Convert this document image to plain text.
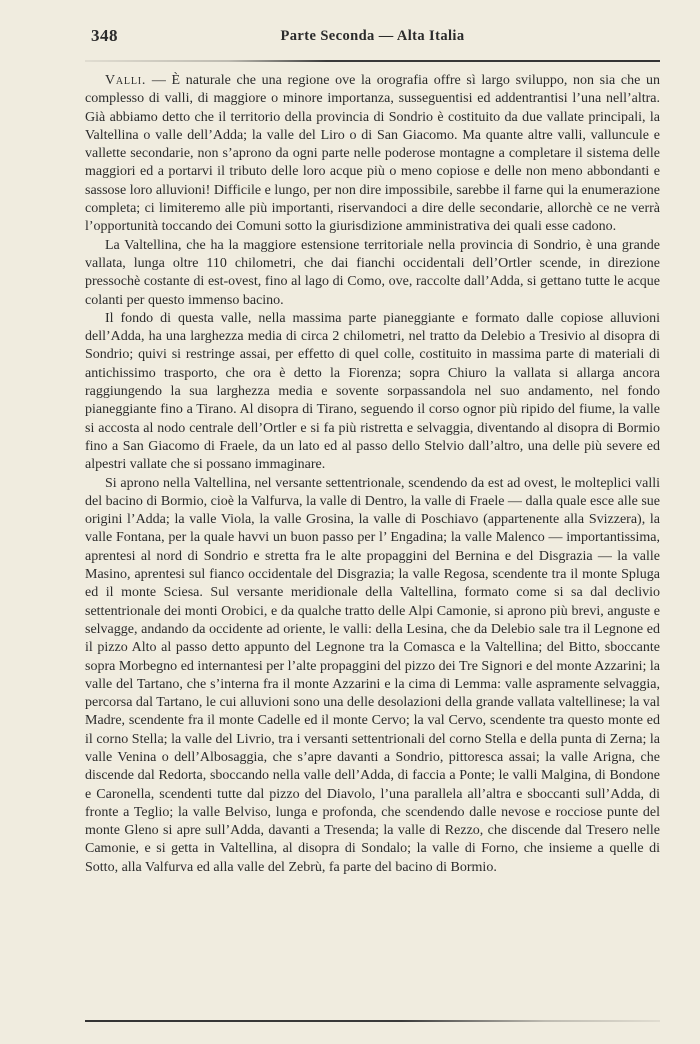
348	Parte Seconda — Alta Italia

Valli. — È naturale che una regione ove la orografia offre sì largo sviluppo, non sia che un complesso di valli, di maggiore o minore importanza, susseguentisi ed addentrantisi l’una nell’altra. Già abbiamo detto che il territorio della provincia di Sondrio è costituito da due vallate principali, la Valtellina o valle dell’Adda; la valle del Liro o di San Giacomo. Ma quante altre valli, valluncule e vallette secondarie, non s’aprono da ogni parte nelle poderose montagne a completare il sistema delle maggiori ed a portarvi il tributo delle loro acque più o meno copiose e delle non meno abbondanti e sassose loro alluvioni! Difficile e lungo, per non dire impossibile, sarebbe il farne qui la enumerazione completa; ci limiteremo alle più importanti, riservandoci a dire delle secondarie, allorchè ce ne verrà l’opportunità toccando dei Comuni sotto la giurisdizione amministrativa dei quali esse cadono.

La Valtellina, che ha la maggiore estensione territoriale nella provincia di Sondrio, è una grande vallata, lunga oltre 110 chilometri, che dai fianchi occidentali dell’Ortler scende, in direzione pressochè costante di est-ovest, fino al lago di Como, ove, raccolte dall’Adda, si gettano tutte le acque colanti per questo immenso bacino.

Il fondo di questa valle, nella massima parte pianeggiante e formato dalle copiose alluvioni dell’Adda, ha una larghezza media di circa 2 chilometri, nel tratto da Delebio a Tresivio al disopra di Sondrio; quivi si restringe assai, per effetto di quel colle, costituito in massima parte di materiali di antichissimo trasporto, che ora è detto la Fiorenza; sopra Chiuro la vallata si allarga ancora raggiungendo la sua larghezza media e sovente sorpassandola nel suo andamento, nel fondo pianeggiante fino a Tirano. Al disopra di Tirano, seguendo il corso ognor più ripido del fiume, la valle si accosta al nodo centrale dell’Ortler e si fa più ristretta e selvaggia, diventando al disopra di Bormio fino a San Giacomo di Fraele, da un lato ed al passo dello Stelvio dall’altro, una delle più severe ed alpestri vallate che si possano immaginare.

Si aprono nella Valtellina, nel versante settentrionale, scendendo da est ad ovest, le molteplici valli del bacino di Bormio, cioè la Valfurva, la valle di Dentro, la valle di Fraele — dalla quale esce alle sue origini l’Adda; la valle Viola, la valle Grosina, la valle di Poschiavo (appartenente alla Svizzera), la valle Fontana, per la quale havvi un buon passo per l’ Engadina; la valle Malenco — importantissima, aprentesi al nord di Sondrio e stretta fra le alte propaggini del Bernina e del Disgrazia — la valle Masino, aprentesi sul fianco occidentale del Disgrazia; la valle Regosa, scendente tra il monte Spluga ed il monte Sciesa. Sul versante meridionale della Valtellina, formato come si sa dal declivio settentrionale dei monti Orobici, e da qualche tratto delle Alpi Camonie, si aprono più brevi, anguste e selvagge, andando da occidente ad oriente, le valli: della Lesina, che da Delebio sale tra il Legnone ed il pizzo Alto al passo detto appunto del Legnone tra la Comasca e la Valtellina; del Bitto, sboccante sopra Morbegno ed internantesi per l’alte propaggini del pizzo dei Tre Signori e del monte Azzarini; la valle del Tartano, che s’interna fra il monte Azzarini e la cima di Lemma: valle aspramente selvaggia, percorsa dal Tartano, le cui alluvioni sono una delle desolazioni della grande vallata valtellinese; la val Madre, scendente fra il monte Cadelle ed il monte Cervo; la val Cervo, scendente tra questo monte ed il corno Stella; la valle del Livrio, tra i versanti settentrionali del corno Stella e della punta di Zerna; la valle Venina o dell’Albosaggia, che s’apre davanti a Sondrio, pittoresca assai; la valle Arigna, che discende dal Redorta, sboccando nella valle dell’Adda, di faccia a Ponte; le valli Malgina, di Bondone e Caronella, scendenti tutte dal pizzo del Diavolo, l’una parallela all’altra e sboccanti sull’Adda, di fronte a Teglio; la valle Belviso, lunga e profonda, che scendendo dalle nevose e rocciose punte del monte Gleno si apre sull’Adda, davanti a Tresenda; la valle di Rezzo, che discende dal Tresero nelle Camonie, e si getta in Valtellina, al disopra di Sondalo; la valle di Forno, che insieme a quelle di Sotto, alla Valfurva ed alla valle del Zebrù, fa parte del bacino di Bormio.
